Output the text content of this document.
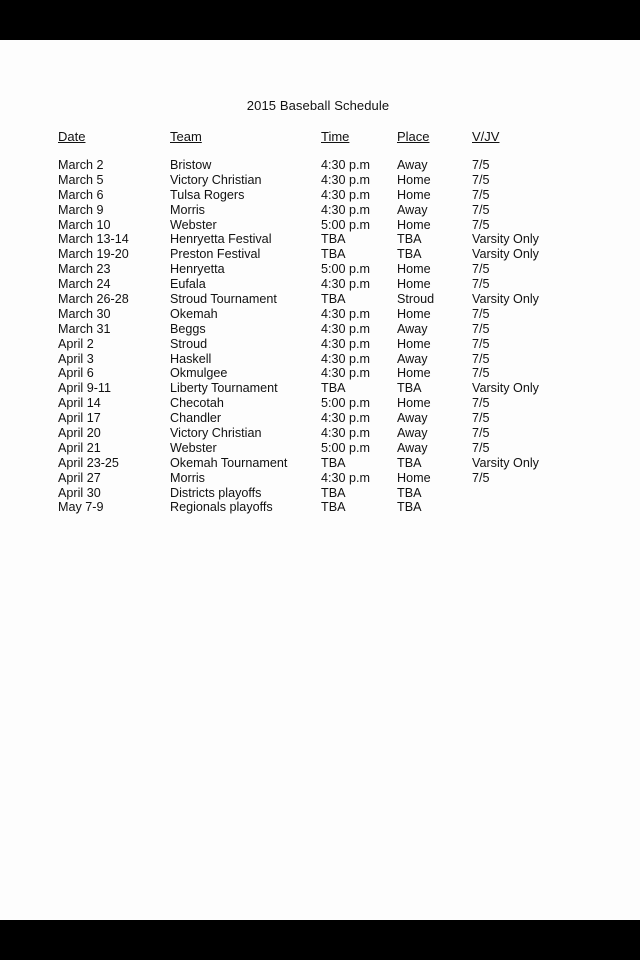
2015 Baseball Schedule
Date	Team	Time	Place	V/JV
March 2	Bristow	4:30 p.m Away	7/5
March 5	Victory Christian	4:30 p.m Home	7/5
March 6	Tulsa Rogers	4:30 p.m Home	7/5
March 9	Morris	4:30 p.m Away	7/5
March 10	Webster	5:00 p.m Home	7/5
March 13-14	Henryetta Festival	TBA	TBA	Varsity Only
March 19-20	Preston Festival	TBA	TBA	Varsity Only
March 23	Henryetta	5:00 p.m Home	7/5
March 24	Eufala	4:30 p.m Home	7/5
March 26-28	Stroud Tournament	TBA	Stroud	Varsity Only
March 30	Okemah	4:30 p.m Home	7/5
March 31	Beggs	4:30 p.m Away	7/5
April 2	Stroud	4:30 p.m Home	7/5
April 3	Haskell	4:30 p.m Away	7/5
April 6	Okmulgee	4:30 p.m Home	7/5
April 9-11	Liberty Tournament	TBA	TBA	Varsity Only
April 14	Checotah	5:00 p.m Home	7/5
April 17	Chandler	4:30 p.m Away	7/5
April 20	Victory Christian	4:30 p.m Away	7/5
April 21	Webster	5:00 p.m Away	7/5
April 23-25	Okemah Tournament	TBA	TBA	Varsity Only
April 27	Morris	4:30 p.m Home	7/5
April 30	Districts playoffs	TBA	TBA
May 7-9	Regionals playoffs	TBA	TBA
